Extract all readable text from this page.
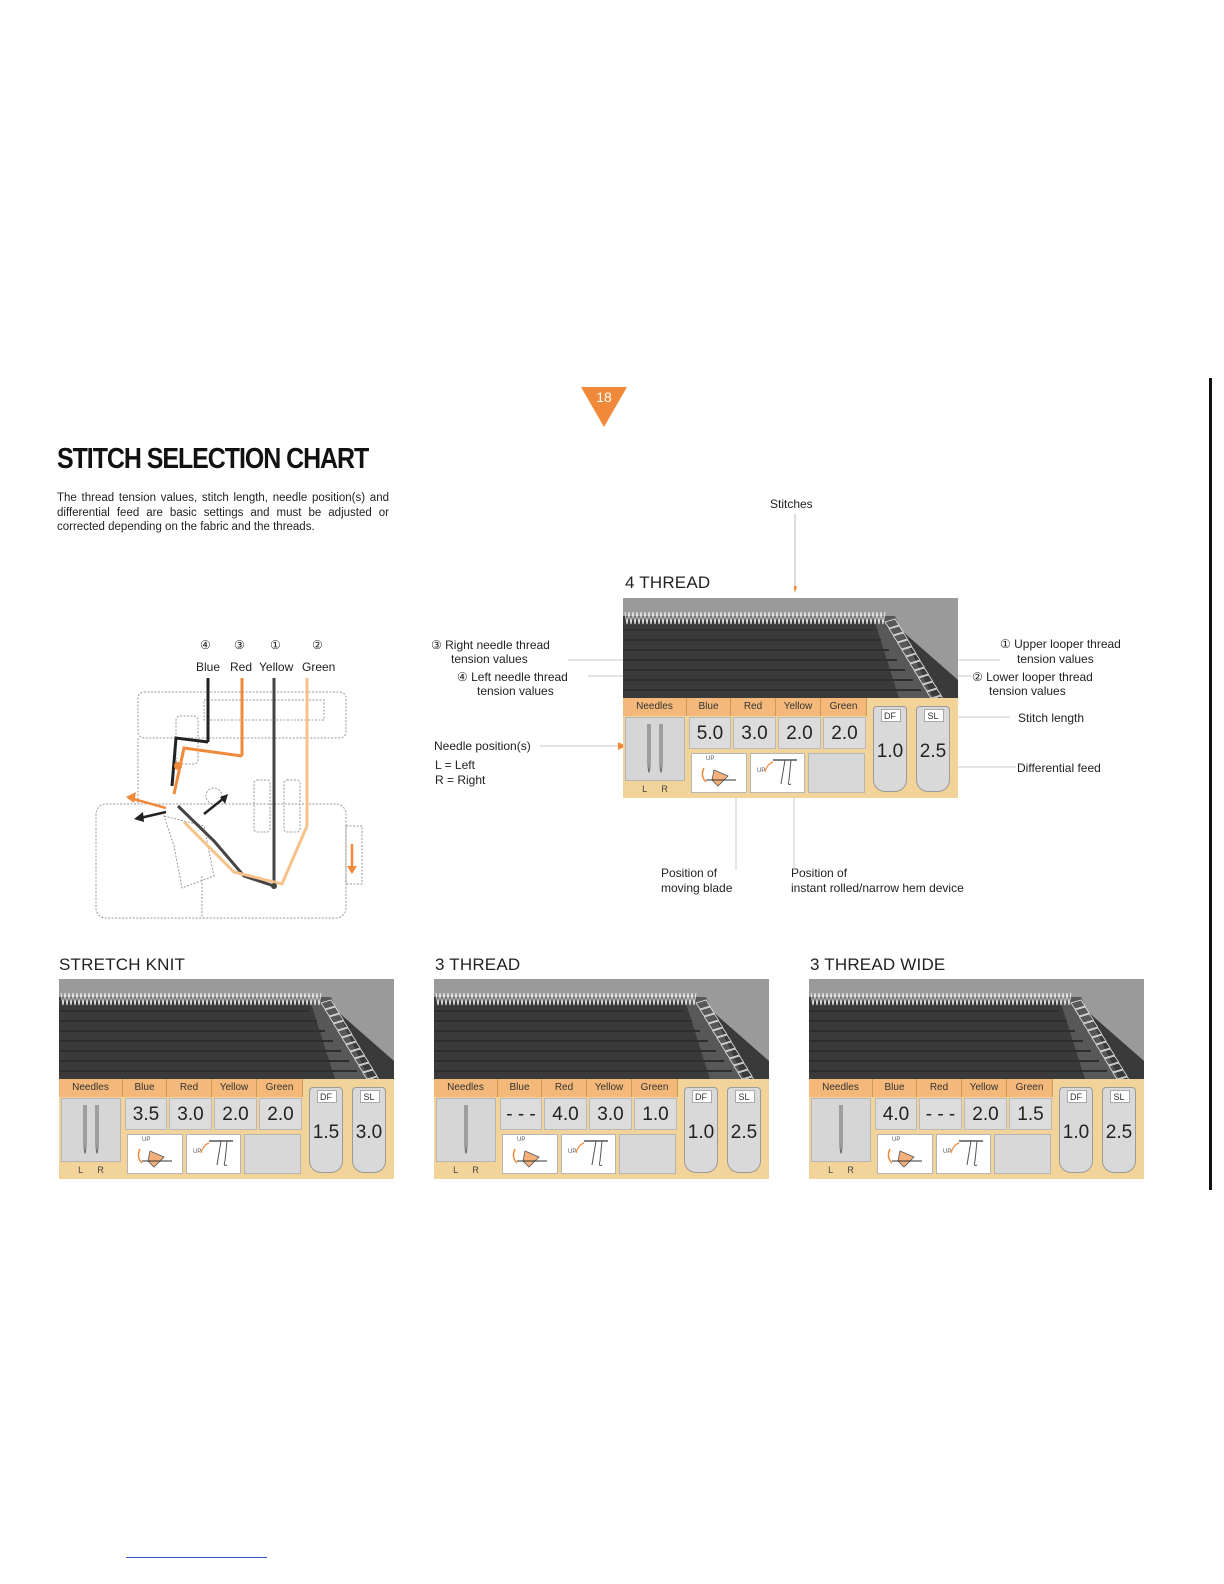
18
STITCH SELECTION CHART
The thread tension values, stitch length, needle position(s) and differential feed are basic settings and must be adjusted or corrected depending on the fabric and the threads.
④ ③ ①	②
Blue Red Yellow Green
Stitches
4 THREAD
③ Right needle thread
tension values
④ Left needle thread
tension values
Needle position(s)
L = Left
R = Right
① Upper looper thread
tension values
② Lower looper thread
tension values
Stitch length
Differential feed
Position of
moving blade
Position of
instant rolled/narrow hem device
STRETCH KNIT	3 THREAD	3 THREAD WIDE
Needles	Blue	Red	Yellow	Green
L R
5.0 3.0 2.0 2.0
UP
UP
DF
1.0
SL
2.5
Needles	Blue	Red	Yellow	Green
L R
3.5 3.0 2.0 2.0
UP
UP
DF
1.5
SL
3.0
Needles	Blue	Red	Yellow	Green
L R
- - - 4.0 3.0 1.0
UP
UP
DF
1.0
SL
2.5
Needles	Blue	Red	Yellow	Green
L R
4.0 - - - 2.0 1.5
UP
UP
DF
1.0
SL
2.5
